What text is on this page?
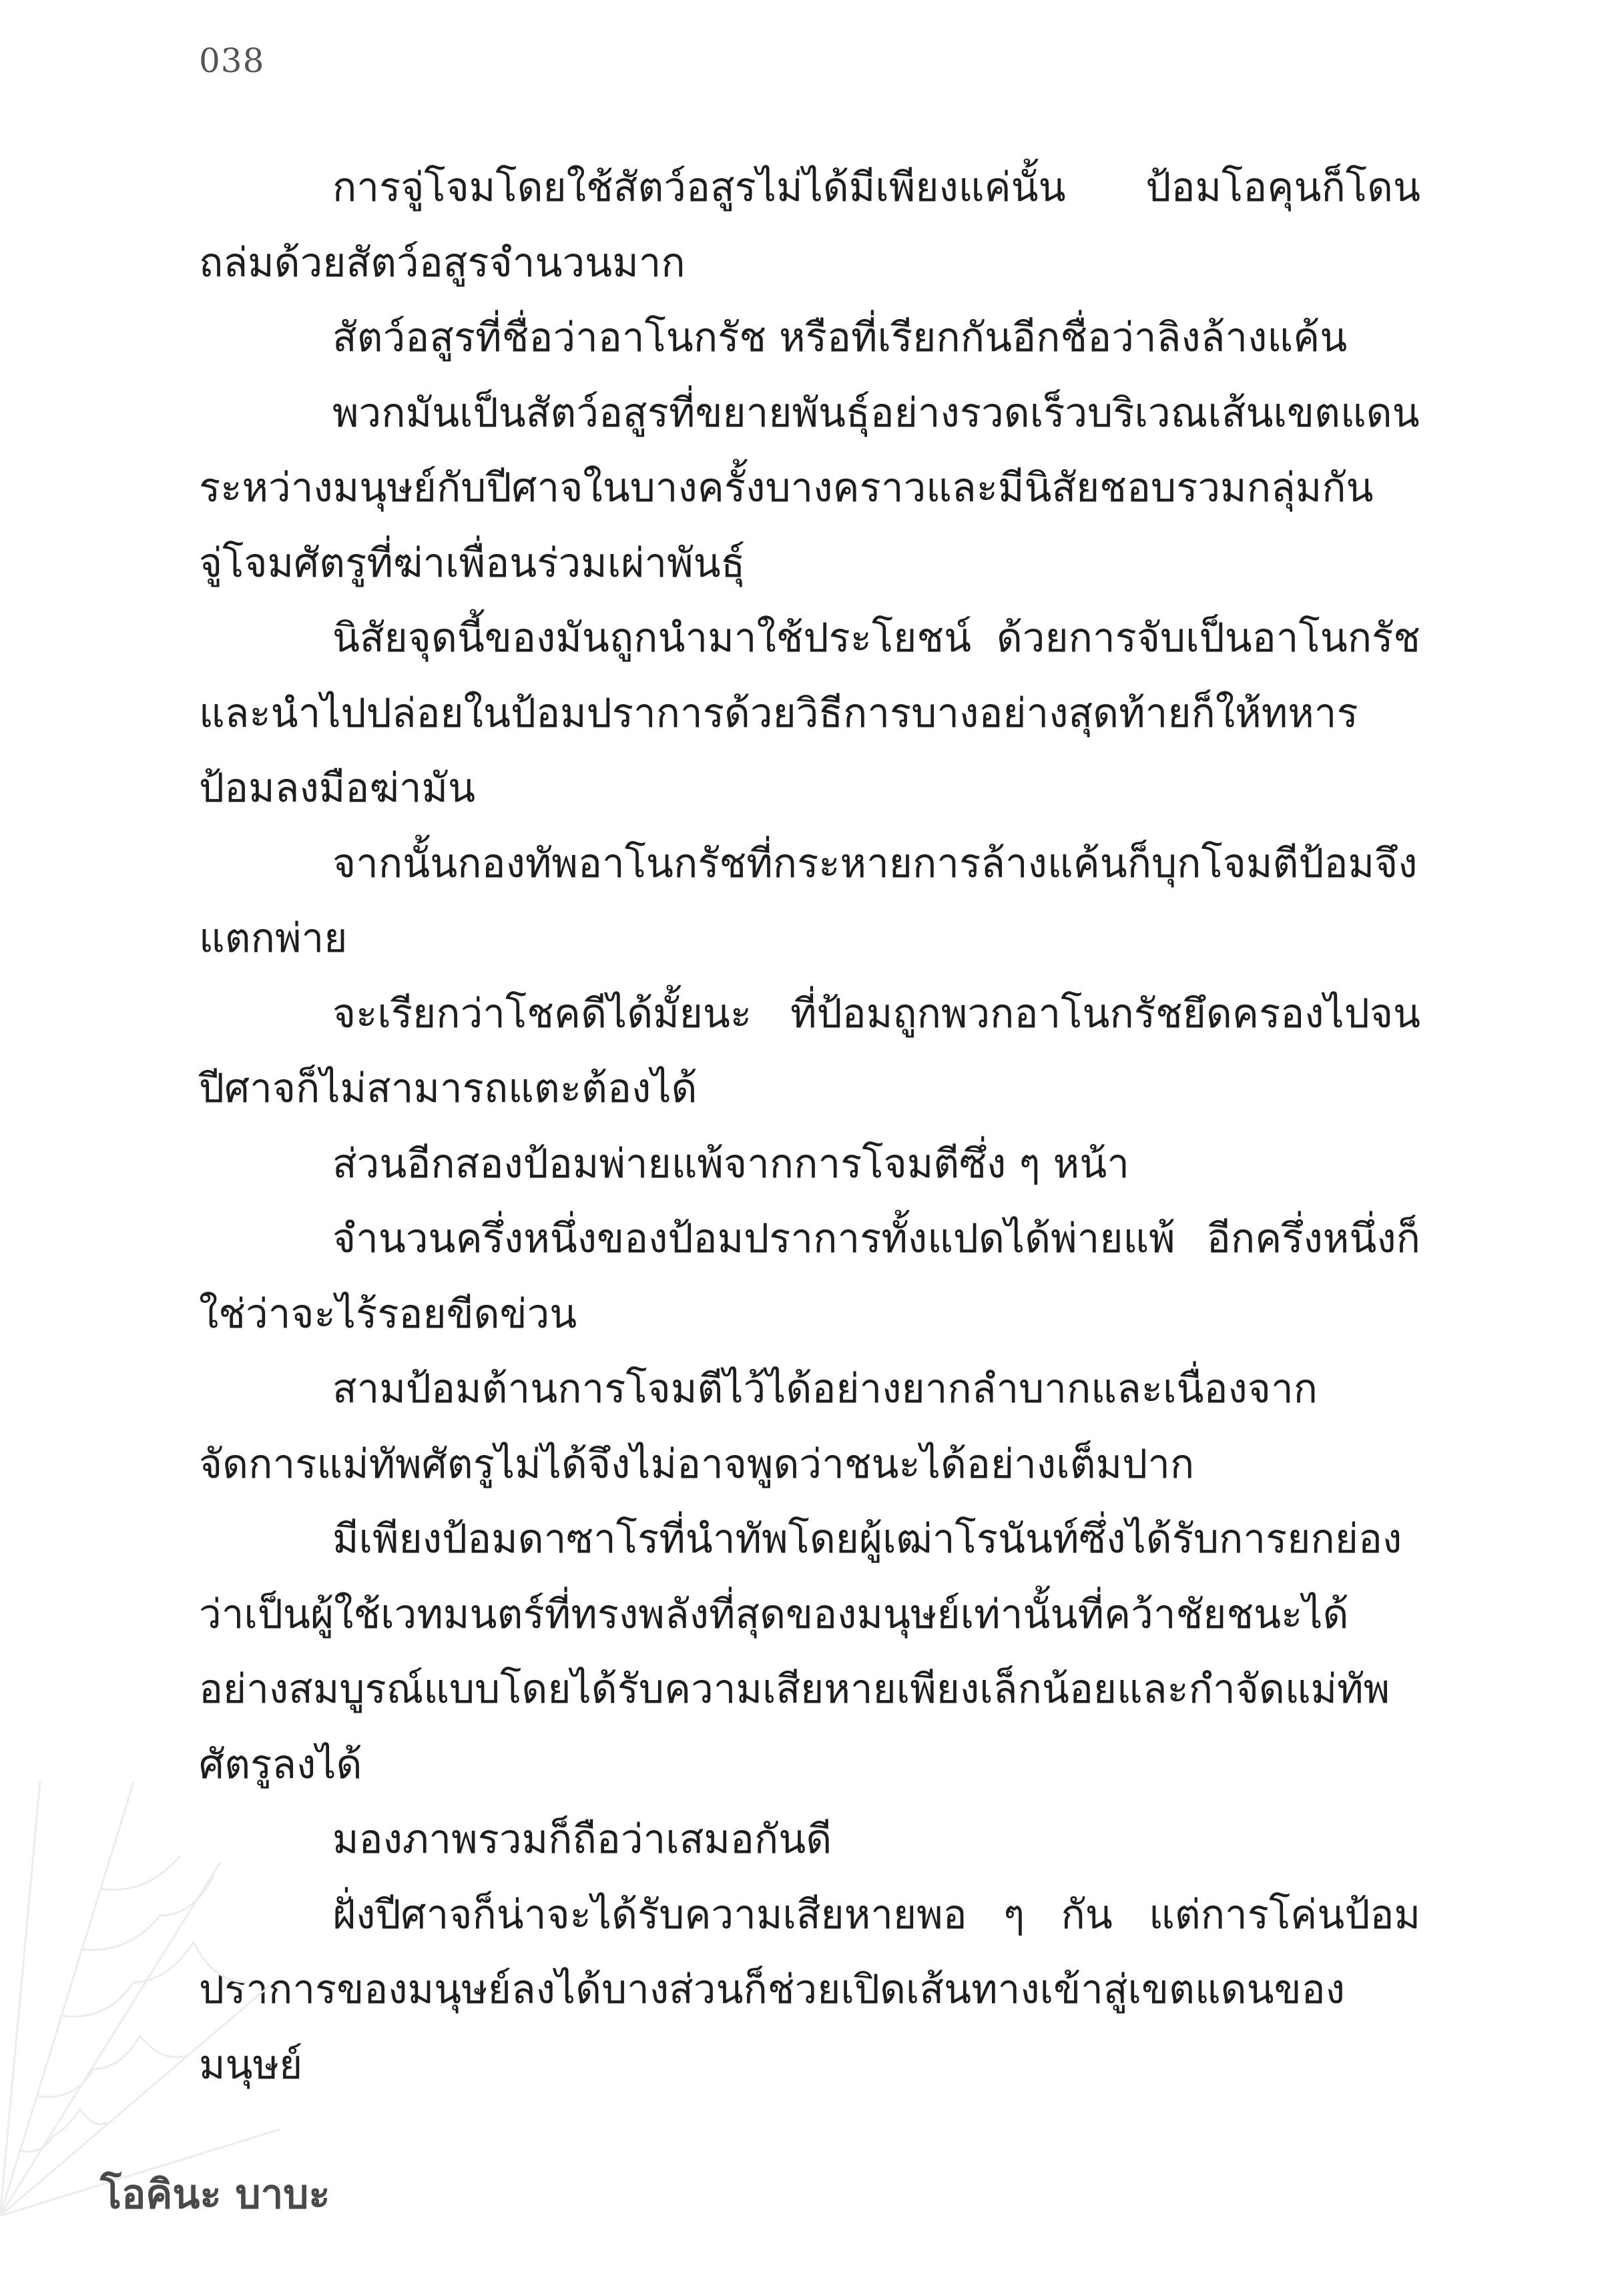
038

การจู่โจมโดยใช้สัตว์อสูรไม่ได้มีเพียงแค่นั้น ป้อมโอคุนก็โดนถล่มด้วยสัตว์อสูรจำนวนมาก

สัตว์อสูรที่ชื่อว่าอาโนกรัช หรือที่เรียกกันอีกชื่อว่าลิงล้างแค้น

พวกมันเป็นสัตว์อสูรที่ขยายพันธุ์อย่างรวดเร็วบริเวณเส้นเขตแดนระหว่างมนุษย์กับปีศาจในบางครั้งบางคราวและมีนิสัยชอบรวมกลุ่มกันจู่โจมศัตรูที่ฆ่าเพื่อนร่วมเผ่าพันธุ์

นิสัยจุดนี้ของมันถูกนำมาใช้ประโยชน์ ด้วยการจับเป็นอาโนกรัชและนำไปปล่อยในป้อมปราการด้วยวิธีการบางอย่างสุดท้ายก็ให้ทหารป้อมลงมือฆ่ามัน

จากนั้นกองทัพอาโนกรัชที่กระหายการล้างแค้นก็บุกโจมตีป้อมจึงแตกพ่าย

จะเรียกว่าโชคดีได้มั้ยนะ ที่ป้อมถูกพวกอาโนกรัชยึดครองไปจนปีศาจก็ไม่สามารถแตะต้องได้

ส่วนอีกสองป้อมพ่ายแพ้จากการโจมตีซึ่ง ๆ หน้า

จำนวนครึ่งหนึ่งของป้อมปราการทั้งแปดได้พ่ายแพ้ อีกครึ่งหนึ่งก็ใช่ว่าจะไร้รอยขีดข่วน

สามป้อมต้านการโจมตีไว้ได้อย่างยากลำบากและเนื่องจากจัดการแม่ทัพศัตรูไม่ได้จึงไม่อาจพูดว่าชนะได้อย่างเต็มปาก

มีเพียงป้อมดาซาโรที่นำทัพโดยผู้เฒ่าโรนันท์ซึ่งได้รับการยกย่องว่าเป็นผู้ใช้เวทมนตร์ที่ทรงพลังที่สุดของมนุษย์เท่านั้นที่คว้าชัยชนะได้อย่างสมบูรณ์แบบโดยได้รับความเสียหายเพียงเล็กน้อยและกำจัดแม่ทัพศัตรูลงได้

มองภาพรวมก็ถือว่าเสมอกันดี

ฝั่งปีศาจก็น่าจะได้รับความเสียหายพอ ๆ กัน แต่การโค่นป้อมปราการของมนุษย์ลงได้บางส่วนก็ช่วยเปิดเส้นทางเข้าสู่เขตแดนของมนุษย์

โอคินะ บาบะ
